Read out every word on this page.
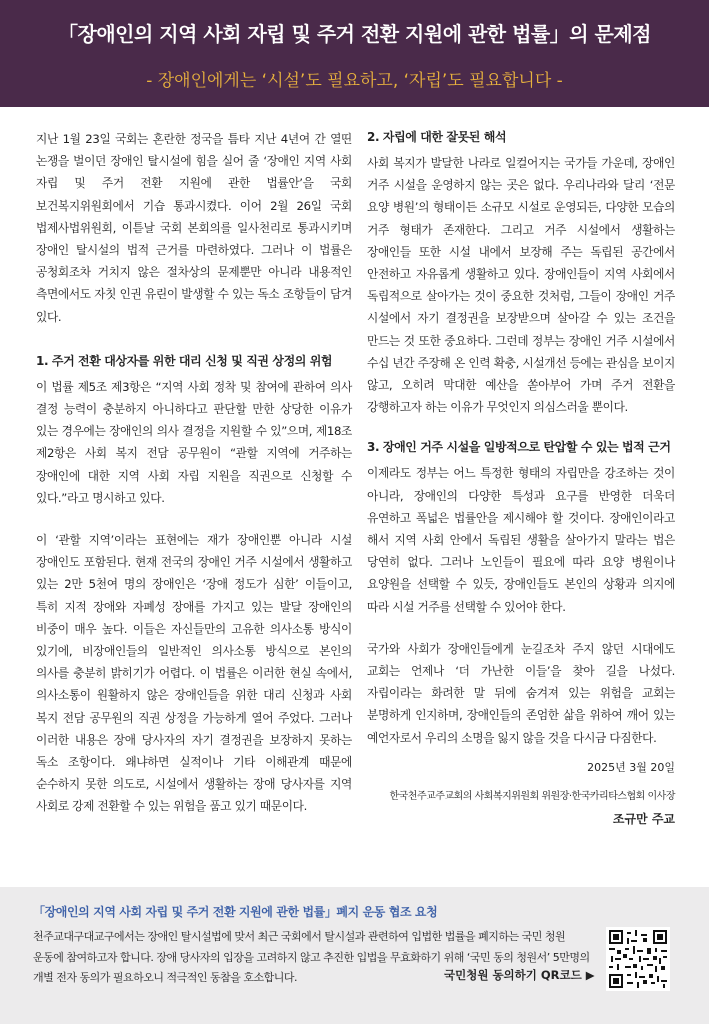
「장애인의 지역 사회 자립 및 주거 전환 지원에 관한 법률」의 문제점
- 장애인에게는 ‘시설’도 필요하고, ‘자립’도 필요합니다 -

지난 1월 23일 국회는 혼란한 정국을 틈타 지난 4년여 간 열띤 논쟁을 벌이던 장애인 탈시설에 힘을 실어 줄 ‘장애인 지역 사회 자립 및 주거 전환 지원에 관한 법률안’을 국회 보건복지위원회에서 기습 통과시켰다. 이어 2월 26일 국회 법제사법위원회, 이튿날 국회 본회의를 일사천리로 통과시키며 장애인 탈시설의 법적 근거를 마련하였다. 그러나 이 법률은 공청회조차 거치지 않은 절차상의 문제뿐만 아니라 내용적인 측면에서도 자칫 인권 유린이 발생할 수 있는 독소 조항들이 담겨 있다.

1. 주거 전환 대상자를 위한 대리 신청 및 직권 상정의 위험

이 법률 제5조 제3항은 “지역 사회 정착 및 참여에 관하여 의사 결정 능력이 충분하지 아니하다고 판단할 만한 상당한 이유가 있는 경우에는 장애인의 의사 결정을 지원할 수 있”으며, 제18조 제2항은 사회 복지 전담 공무원이 “관할 지역에 거주하는 장애인에 대한 지역 사회 자립 지원을 직권으로 신청할 수 있다.”라고 명시하고 있다.

이 ‘관할 지역’이라는 표현에는 재가 장애인뿐 아니라 시설 장애인도 포함된다. 현재 전국의 장애인 거주 시설에서 생활하고 있는 2만 5천여 명의 장애인은 ‘장애 정도가 심한’ 이들이고, 특히 지적 장애와 자폐성 장애를 가지고 있는 발달 장애인의 비중이 매우 높다. 이들은 자신들만의 고유한 의사소통 방식이 있기에, 비장애인들의 일반적인 의사소통 방식으로 본인의 의사를 충분히 밝히기가 어렵다. 이 법률은 이러한 현실 속에서, 의사소통이 원활하지 않은 장애인들을 위한 대리 신청과 사회 복지 전담 공무원의 직권 상정을 가능하게 열어 주었다. 그러나 이러한 내용은 장애 당사자의 자기 결정권을 보장하지 못하는 독소 조항이다. 왜냐하면 실적이나 기타 이해관계 때문에 순수하지 못한 의도로, 시설에서 생활하는 장애 당사자를 지역 사회로 강제 전환할 수 있는 위험을 품고 있기 때문이다.

2. 자립에 대한 잘못된 해석

사회 복지가 발달한 나라로 일컬어지는 국가들 가운데, 장애인 거주 시설을 운영하지 않는 곳은 없다. 우리나라와 달리 ‘전문 요양 병원’의 형태이든 소규모 시설로 운영되든, 다양한 모습의 거주 형태가 존재한다. 그리고 거주 시설에서 생활하는 장애인들 또한 시설 내에서 보장해 주는 독립된 공간에서 안전하고 자유롭게 생활하고 있다. 장애인들이 지역 사회에서 독립적으로 살아가는 것이 중요한 것처럼, 그들이 장애인 거주 시설에서 자기 결정권을 보장받으며 살아갈 수 있는 조건을 만드는 것 또한 중요하다. 그런데 정부는 장애인 거주 시설에서 수십 년간 주장해 온 인력 확충, 시설개선 등에는 관심을 보이지 않고, 오히려 막대한 예산을 쏟아부어 가며 주거 전환을 강행하고자 하는 이유가 무엇인지 의심스러울 뿐이다.

3. 장애인 거주 시설을 일방적으로 탄압할 수 있는 법적 근거

이제라도 정부는 어느 특정한 형태의 자립만을 강조하는 것이 아니라, 장애인의 다양한 특성과 요구를 반영한 더욱더 유연하고 폭넓은 법률안을 제시해야 할 것이다. 장애인이라고 해서 지역 사회 안에서 독립된 생활을 살아가지 말라는 법은 당연히 없다. 그러나 노인들이 필요에 따라 요양 병원이나 요양원을 선택할 수 있듯, 장애인들도 본인의 상황과 의지에 따라 시설 거주를 선택할 수 있어야 한다.

국가와 사회가 장애인들에게 눈길조차 주지 않던 시대에도 교회는 언제나 ‘더 가난한 이들’을 찾아 길을 나섰다. 자립이라는 화려한 말 뒤에 숨겨져 있는 위험을 교회는 분명하게 인지하며, 장애인들의 존엄한 삶을 위하여 깨어 있는 예언자로서 우리의 소명을 잃지 않을 것을 다시금 다짐한다.

2025년 3월 20일
한국천주교주교회의 사회복지위원회 위원장·한국카리타스협회 이사장
조규만 주교
「장애인의 지역 사회 자립 및 주거 전환 지원에 관한 법률」폐지 운동 협조 요청

천주교대구대교구에서는 장애인 탈시설법에 맞서 최근 국회에서 탈시설과 관련하여 입법한 법률을 폐지하는 국민 청원 운동에 참여하고자 합니다. 장애 당사자의 입장을 고려하지 않고 추진한 입법을 무효화하기 위해 ‘국민 동의 청원서’ 5만명의 개별 전자 동의가 필요하오니 적극적인 동참을 호소합니다.	국민청원 동의하기 QR코드 ▶
